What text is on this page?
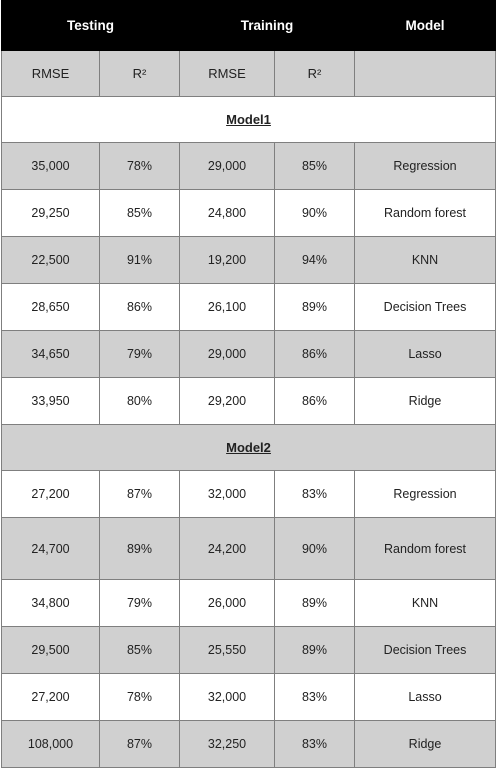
Testing		Training		Model
RMSE	R²	RMSE	R²	
Model1				
35,000	78%	29,000	85%	Regression
29,250	85%	24,800	90%	Random forest
22,500	91%	19,200	94%	KNN
28,650	86%	26,100	89%	Decision Trees
34,650	79%	29,000	86%	Lasso
33,950	80%	29,200	86%	Ridge
Model2				
27,200	87%	32,000	83%	Regression
24,700	89%	24,200	90%	Random forest
34,800	79%	26,000	89%	KNN
29,500	85%	25,550	89%	Decision Trees
27,200	78%	32,000	83%	Lasso
108,000	87%	32,250	83%	Ridge
